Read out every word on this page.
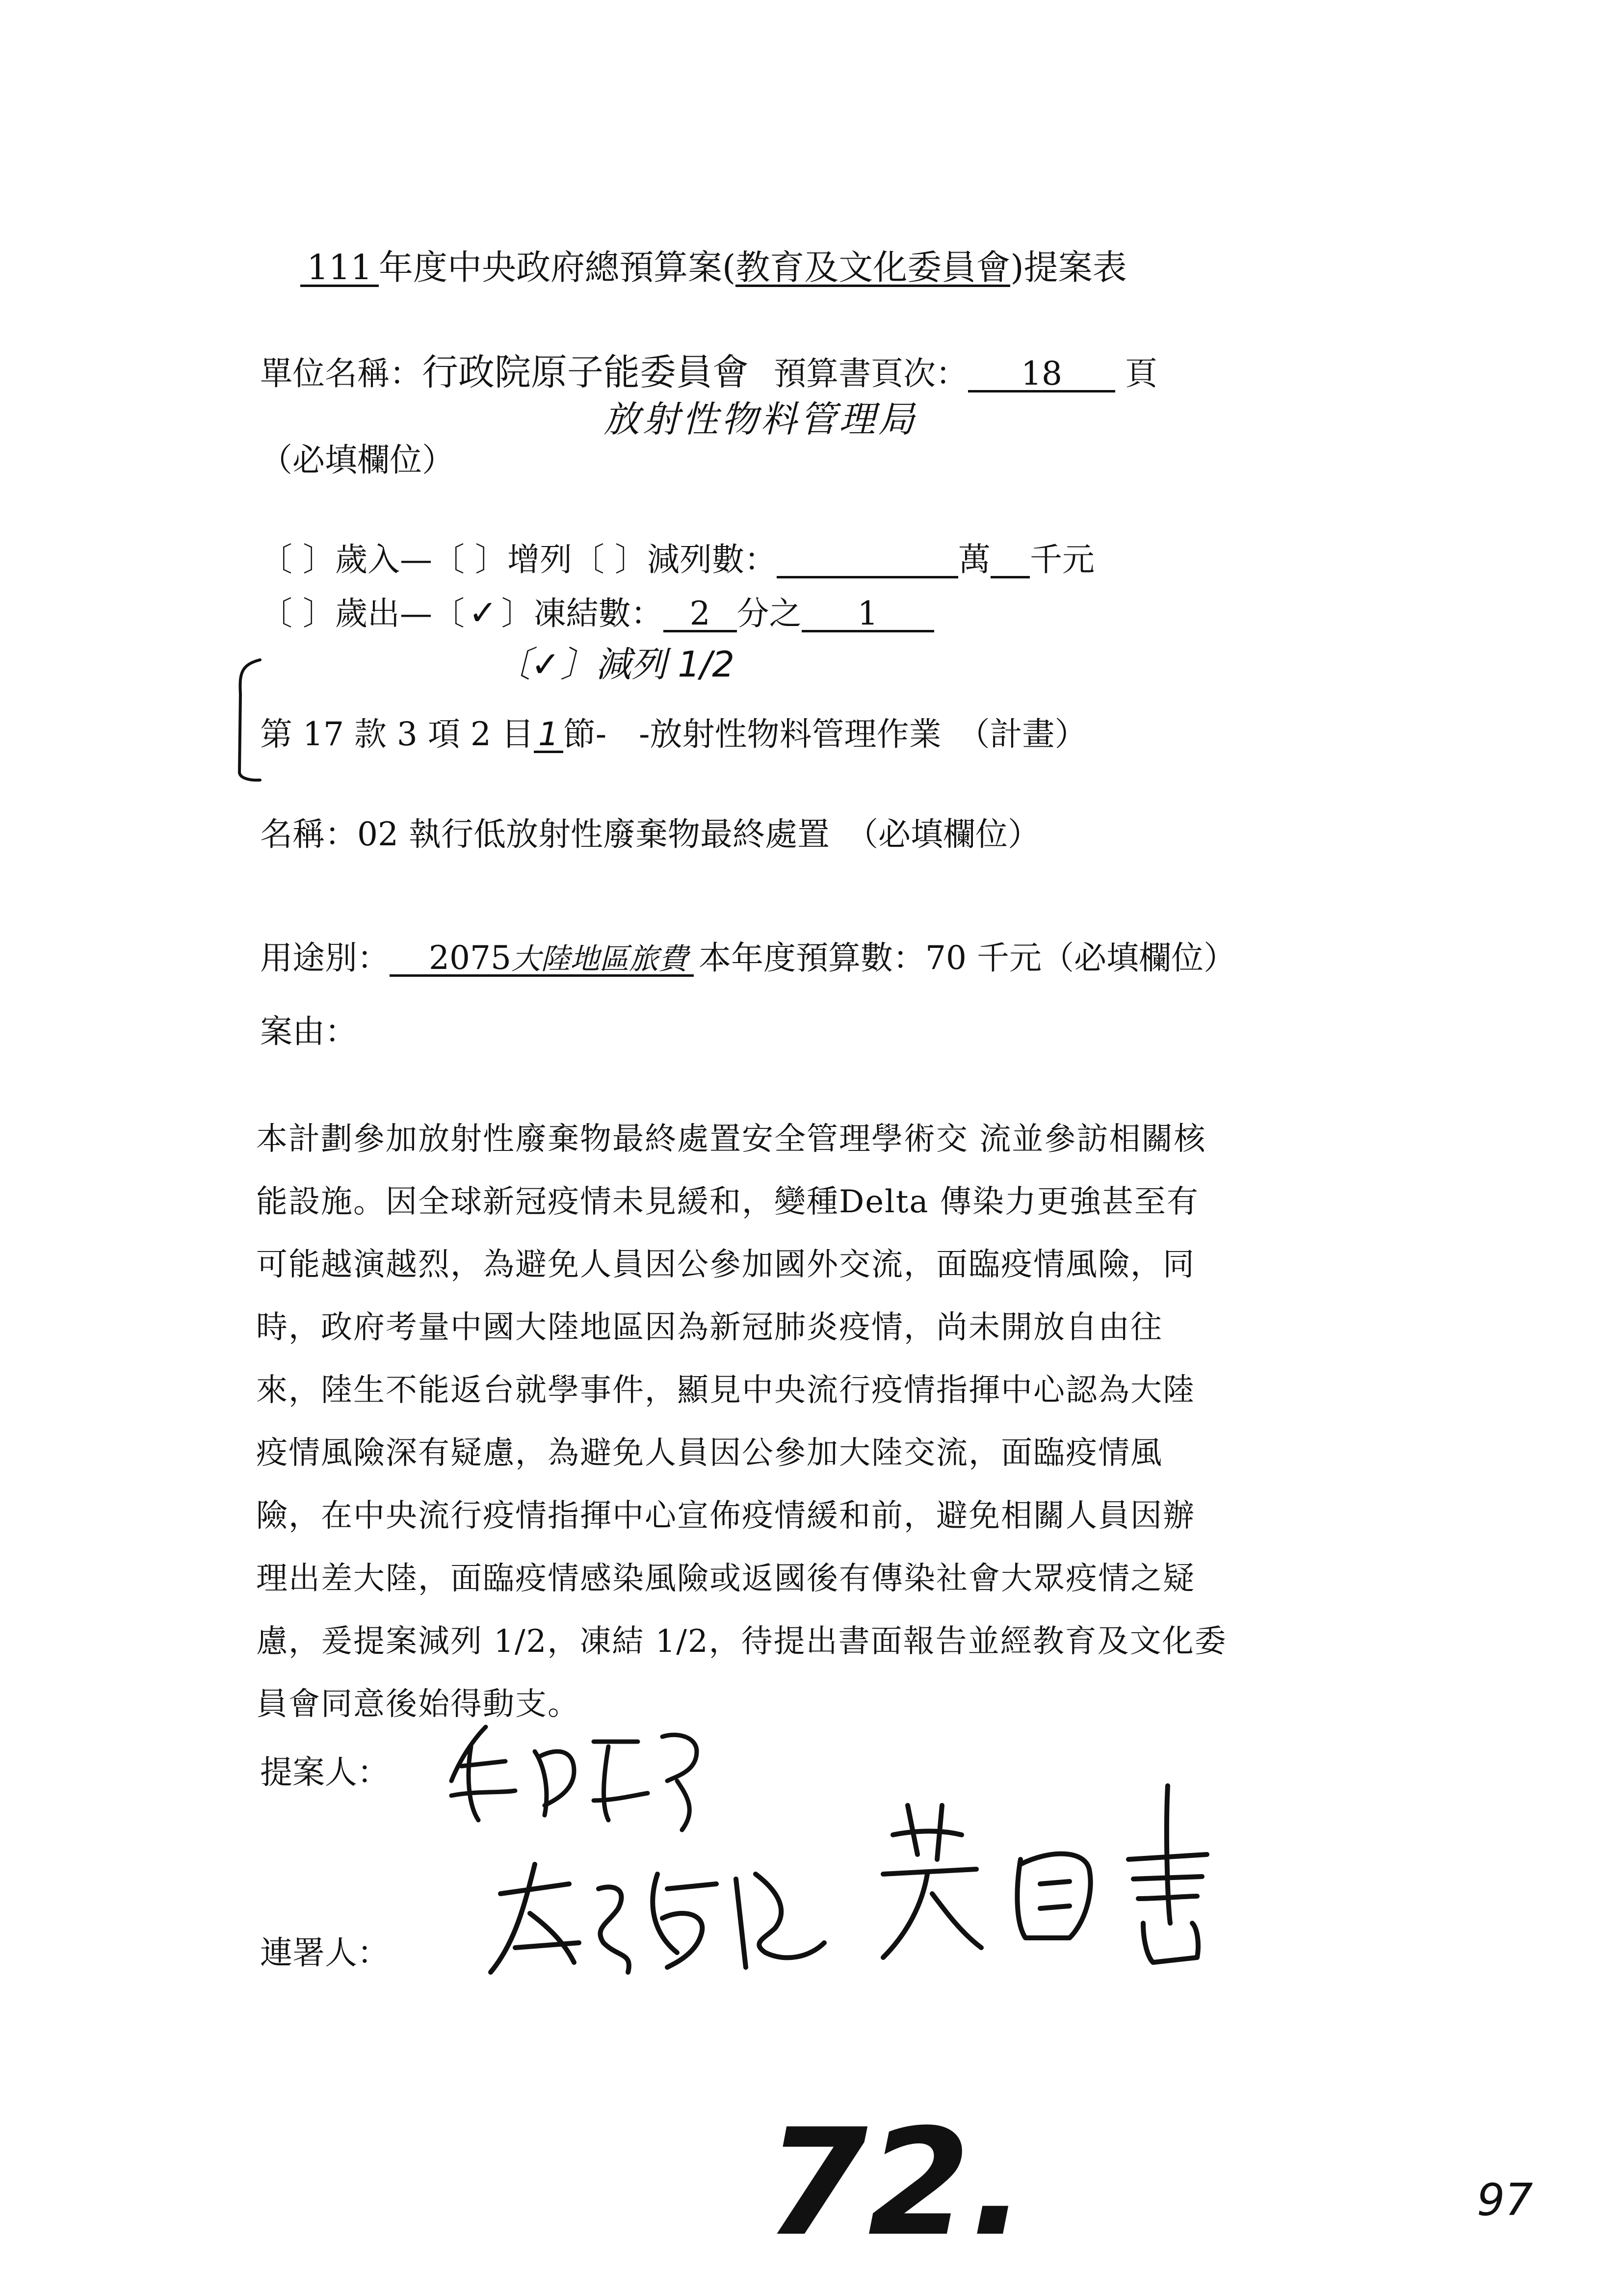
111 年度中央政府總預算案(教育及文化委員會)提案表
單位名稱：行政院原子能委員會 預算書頁次： 18 頁
放射性物料管理局
（必填欄位）
〔 〕歲入—〔 〕增列〔 〕減列數：	萬 千元
〔 〕歲出—〔 ✓ 〕凍結數： 2 分之 1
〔✓〕減列 1/2
第 17 款 3 項 2 目 1 節-　-放射性物料管理作業　（計畫）
名稱：02 執行低放射性廢棄物最終處置　（必填欄位）
用途別： 2075大陸地區旅費 本年度預算數：70 千元（必填欄位）
案由：
本計劃參加放射性廢棄物最終處置安全管理學術交 流並參訪相關核
能設施。因全球新冠疫情未見緩和，變種Delta 傳染力更強甚至有
可能越演越烈，為避免人員因公參加國外交流，面臨疫情風險，同
時，政府考量中國大陸地區因為新冠肺炎疫情，尚未開放自由往
來，陸生不能返台就學事件，顯見中央流行疫情指揮中心認為大陸
疫情風險深有疑慮，為避免人員因公參加大陸交流，面臨疫情風
險，在中央流行疫情指揮中心宣佈疫情緩和前，避免相關人員因辦
理出差大陸，面臨疫情感染風險或返國後有傳染社會大眾疫情之疑
慮，爰提案減列 1/2，凍結 1/2，待提出書面報告並經教育及文化委
員會同意後始得動支。
提案人：
連署人：
72.	97
